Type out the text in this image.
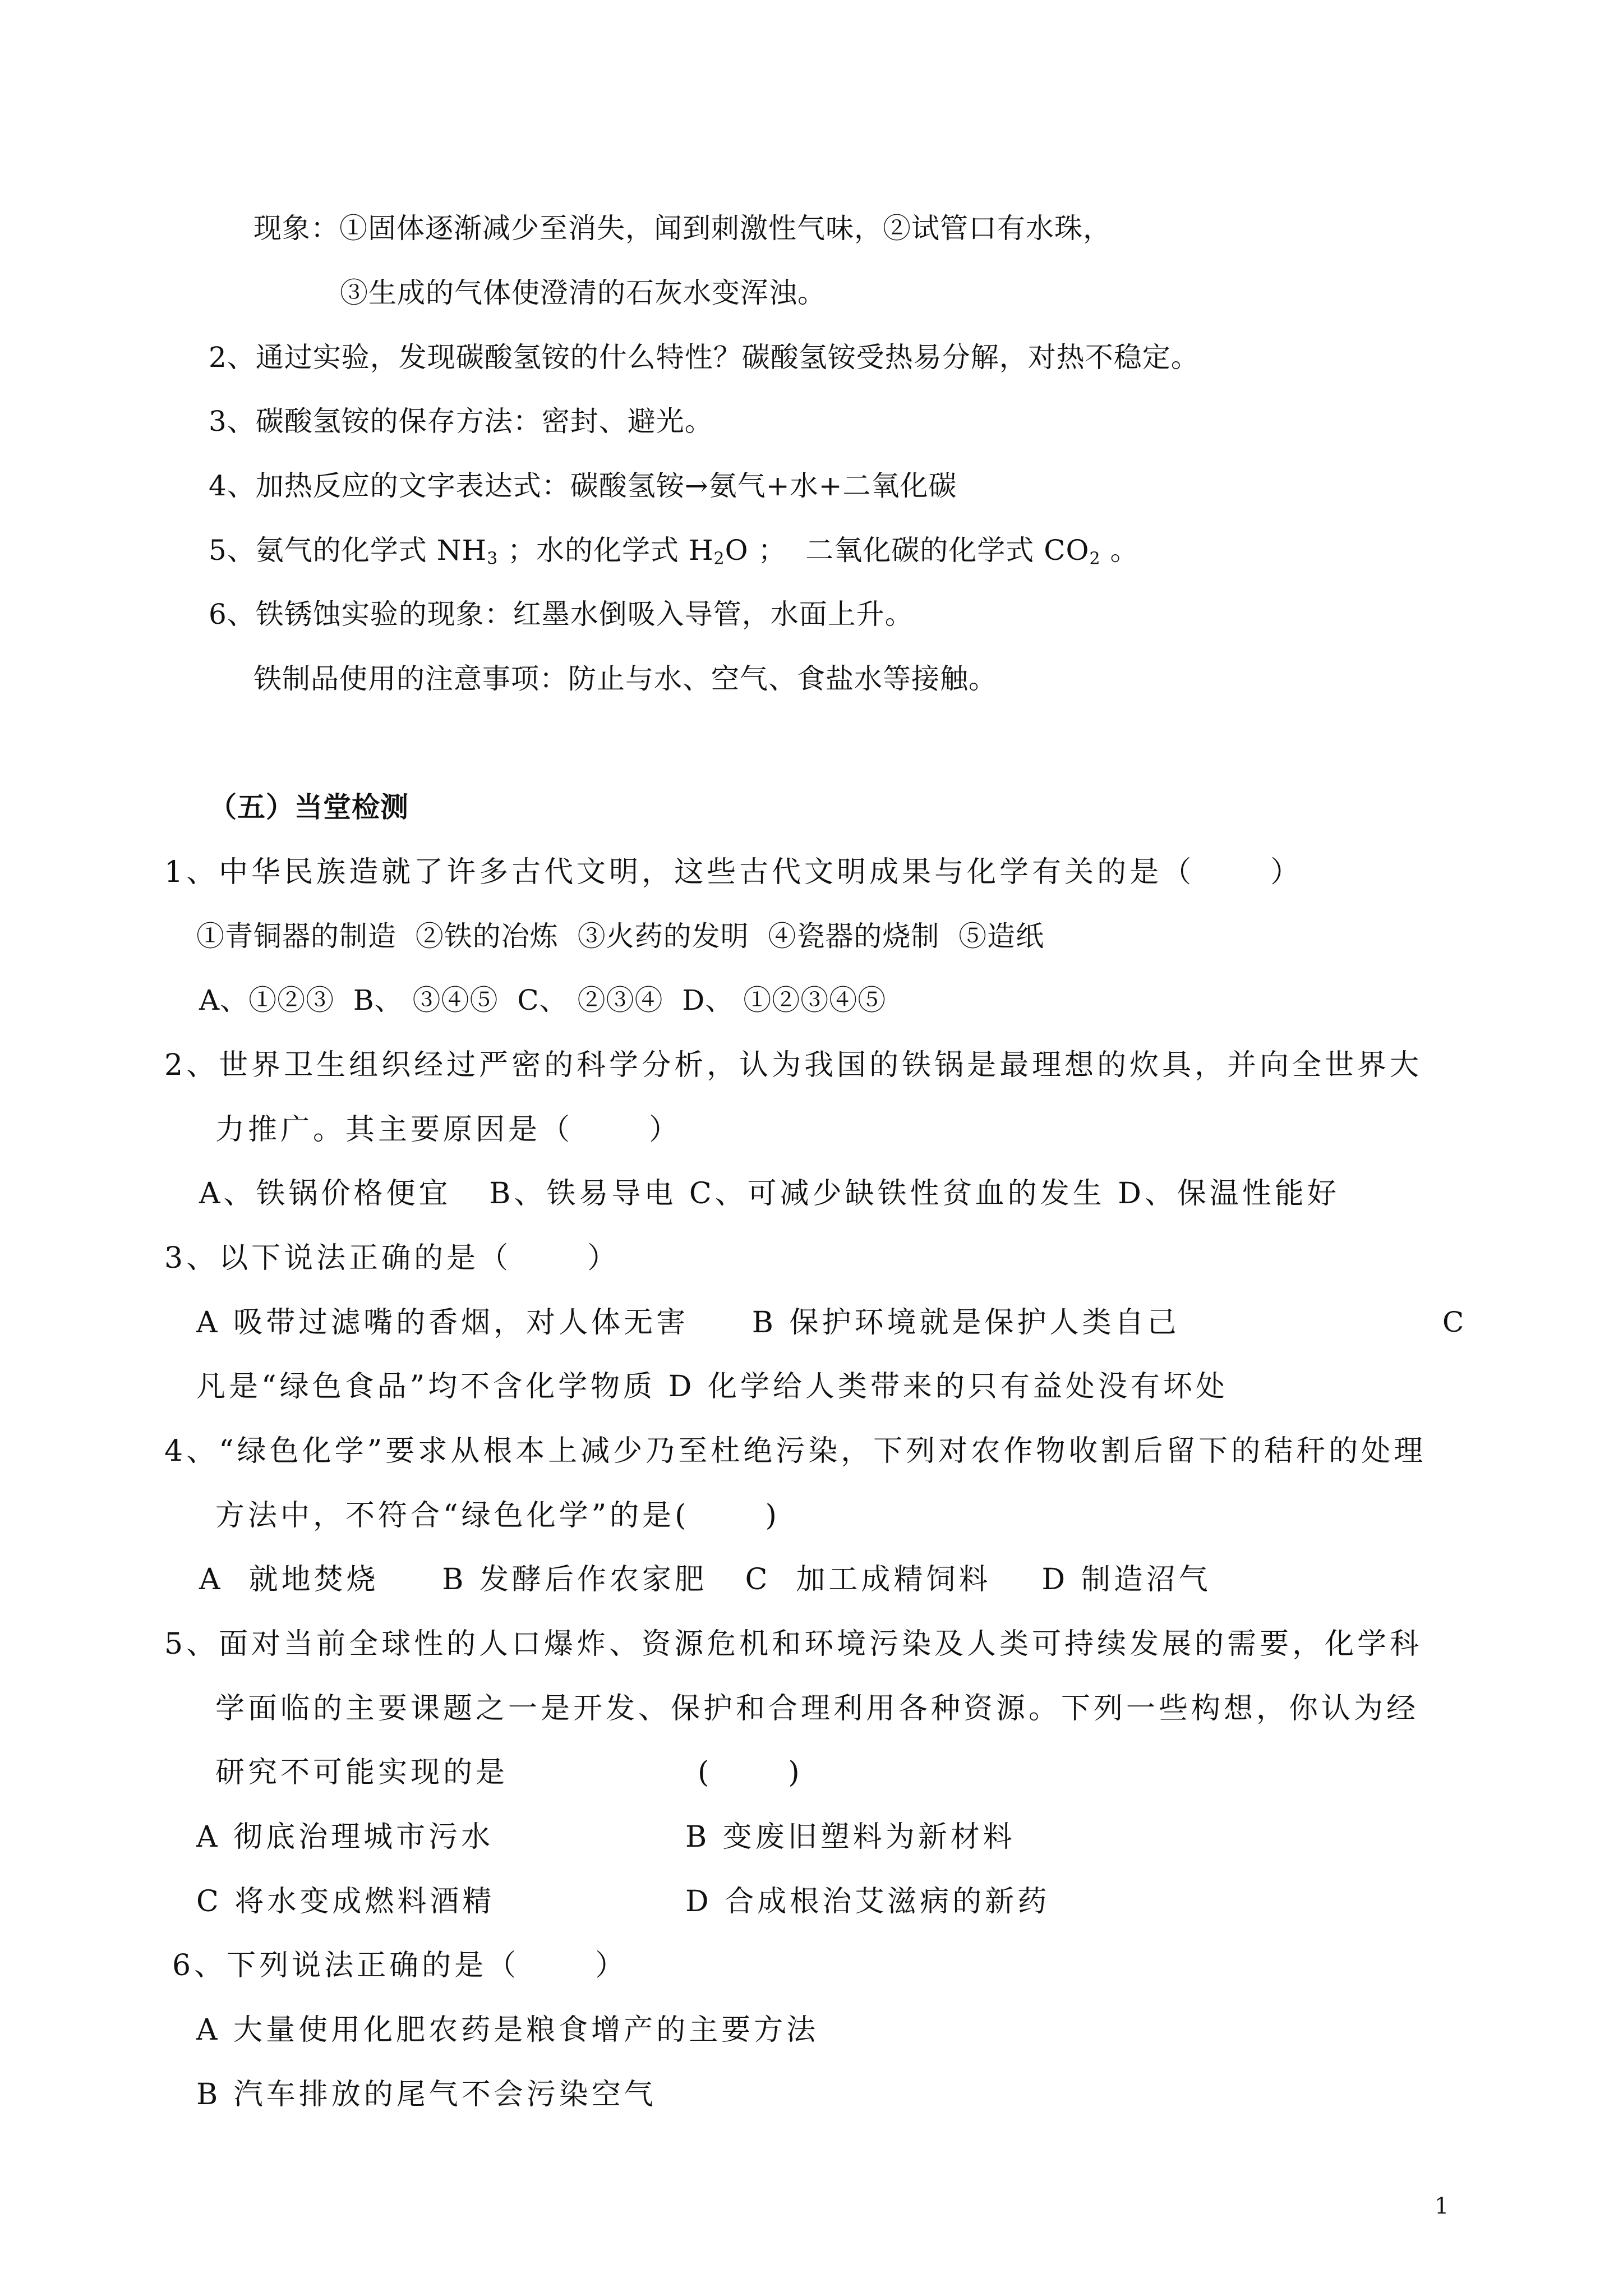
现象：①固体逐渐减少至消失，闻到刺激性气味，②试管口有水珠，
③生成的气体使澄清的石灰水变浑浊。
2、通过实验，发现碳酸氢铵的什么特性？碳酸氢铵受热易分解，对热不稳定。
3、碳酸氢铵的保存方法：密封、避光。
4、加热反应的文字表达式：碳酸氢铵→氨气+水+二氧化碳
5、氨气的化学式 $NH_3$ ；水的化学式 $H_2O$ ；  二氧化碳的化学式 $CO_2$ 。
6、铁锈蚀实验的现象：红墨水倒吸入导管，水面上升。
铁制品使用的注意事项：防止与水、空气、食盐水等接触。
（五）当堂检测
1、中华民族造就了许多古代文明，这些古代文明成果与化学有关的是（      ）
①青铜器的制造  ②铁的冶炼  ③火药的发明  ④瓷器的烧制  ⑤造纸
A、①②③  B、 ③④⑤  C、 ②③④  D、 ①②③④⑤
2、世界卫生组织经过严密的科学分析，认为我国的铁锅是最理想的炊具，并向全世界大
力推广。其主要原因是（      ）
A、铁锅价格便宜   B、铁易导电 C、可减少缺铁性贫血的发生 D、保温性能好
3、以下说法正确的是（      ）
A 吸带过滤嘴的香烟，对人体无害     B 保护环境就是保护人类自己	C
凡是“绿色食品”均不含化学物质 D 化学给人类带来的只有益处没有坏处
4、“绿色化学”要求从根本上减少乃至杜绝污染，下列对农作物收割后留下的秸秆的处理
方法中，不符合“绿色化学”的是(      )
A  就地焚烧     B 发酵后作农家肥   C  加工成精饲料    D 制造沼气
5、面对当前全球性的人口爆炸、资源危机和环境污染及人类可持续发展的需要，化学科
学面临的主要课题之一是开发、保护和合理利用各种资源。下列一些构想，你认为经
研究不可能实现的是               (      )
A 彻底治理城市污水	B 变废旧塑料为新材料
C 将水变成燃料酒精	D 合成根治艾滋病的新药
6、下列说法正确的是（      ）
A 大量使用化肥农药是粮食增产的主要方法
B 汽车排放的尾气不会污染空气
1
